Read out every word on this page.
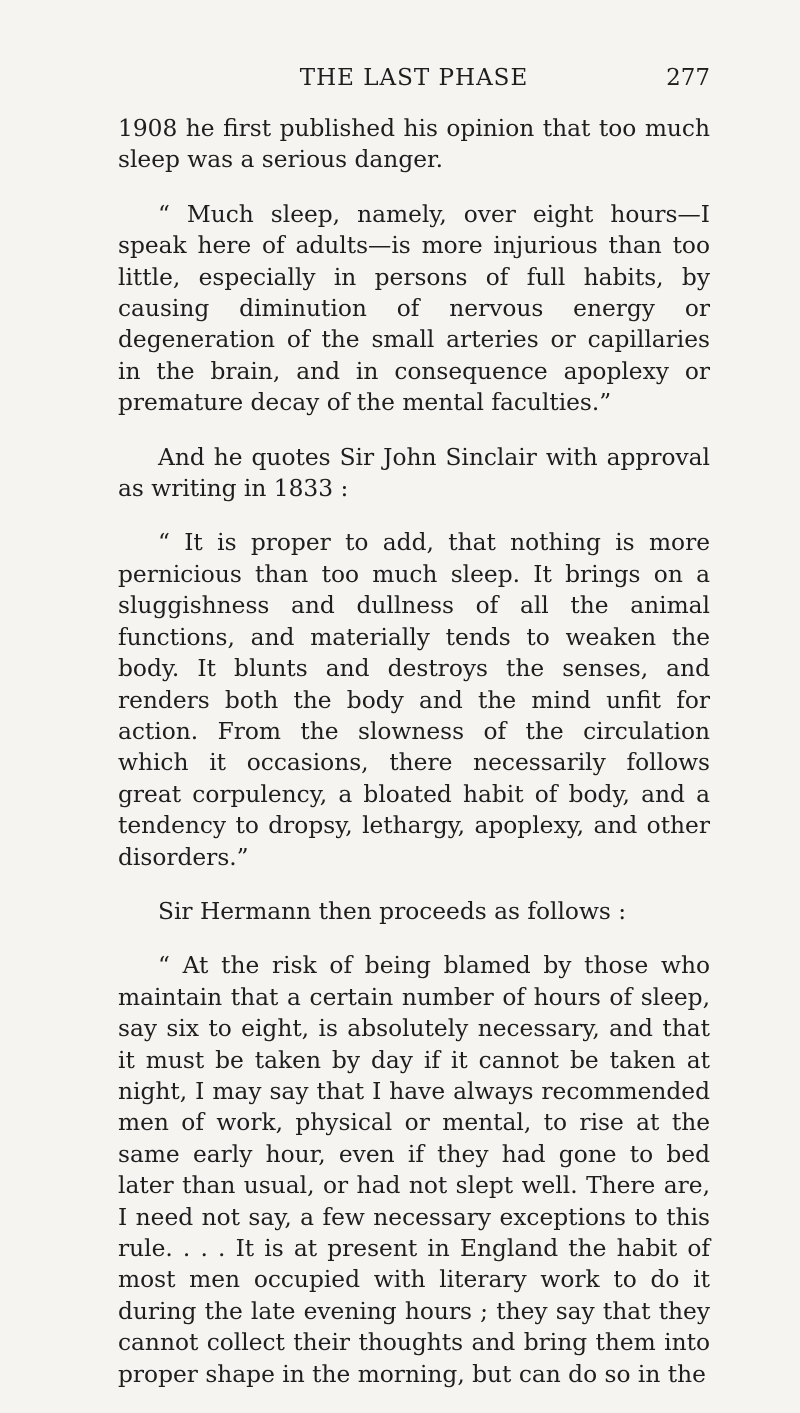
THE LAST PHASE	277

1908 he first published his opinion that too much sleep was a serious danger.

“ Much sleep, namely, over eight hours—I speak here of adults—is more injurious than too little, especially in persons of full habits, by causing diminution of nervous energy or degeneration of the small arteries or capillaries in the brain, and in consequence apoplexy or premature decay of the mental faculties.”

And he quotes Sir John Sinclair with approval as writing in 1833 :

“ It is proper to add, that nothing is more pernicious than too much sleep. It brings on a sluggishness and dullness of all the animal functions, and materially tends to weaken the body. It blunts and destroys the senses, and renders both the body and the mind unfit for action. From the slowness of the circulation which it occasions, there necessarily follows great corpulency, a bloated habit of body, and a tendency to dropsy, lethargy, apoplexy, and other disorders.”

Sir Hermann then proceeds as follows :

“ At the risk of being blamed by those who maintain that a certain number of hours of sleep, say six to eight, is absolutely necessary, and that it must be taken by day if it cannot be taken at night, I may say that I have always recommended men of work, physical or mental, to rise at the same early hour, even if they had gone to bed later than usual, or had not slept well. There are, I need not say, a few necessary exceptions to this rule. . . . It is at present in England the habit of most men occupied with literary work to do it during the late evening hours ; they say that they cannot collect their thoughts and bring them into proper shape in the morning, but can do so in the
